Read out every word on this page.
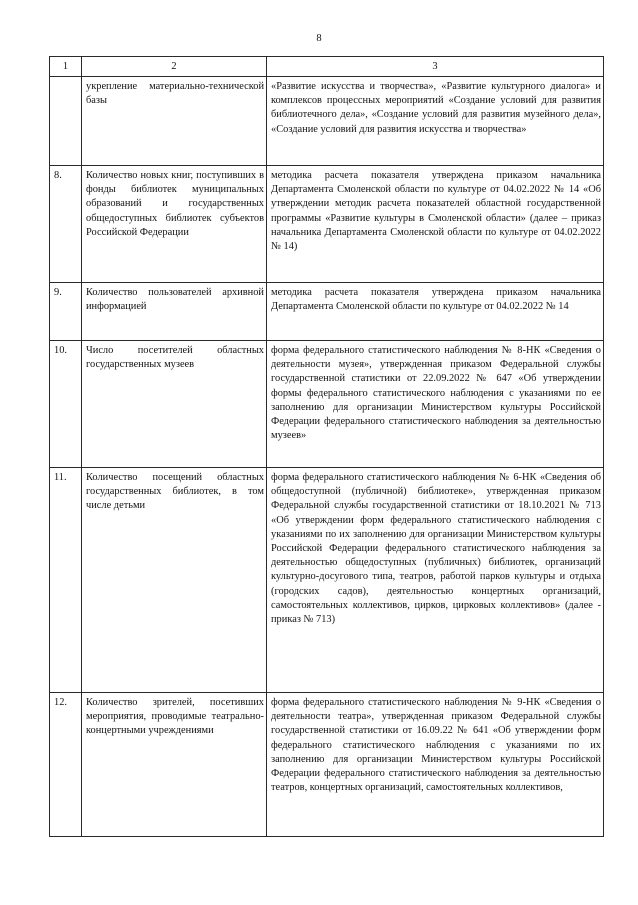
8
1	2	3
	укрепление материально-технической базы	«Развитие искусства и творчества», «Развитие культурного диалога» и комплексов процессных мероприятий «Создание условий для развития библиотечного дела», «Создание условий для развития музейного дела», «Создание условий для развития искусства и творчества»
8.	Количество новых книг, поступивших в фонды библиотек муниципальных образований и государственных общедоступных библиотек субъектов Российской Федерации	методика расчета показателя утверждена приказом начальника Департамента Смоленской области по культуре от 04.02.2022 № 14 «Об утверждении методик расчета показателей областной государственной программы «Развитие культуры в Смоленской области» (далее – приказ начальника Департамента Смоленской области по культуре от 04.02.2022 № 14)
9.	Количество пользователей архивной информацией	методика расчета показателя утверждена приказом начальника Департамента Смоленской области по культуре от 04.02.2022 № 14
10.	Число посетителей областных государственных музеев	форма федерального статистического наблюдения № 8-НК «Сведения о деятельности музея», утвержденная приказом Федеральной службы государственной статистики от 22.09.2022 № 647 «Об утверждении формы федерального статистического наблюдения с указаниями по ее заполнению для организации Министерством культуры Российской Федерации федерального статистического наблюдения за деятельностью музеев»
11.	Количество посещений областных государственных библиотек, в том числе детьми	форма федерального статистического наблюдения № 6-НК «Сведения об общедоступной (публичной) библиотеке», утвержденная приказом Федеральной службы государственной статистики от 18.10.2021 № 713 «Об утверждении форм федерального статистического наблюдения с указаниями по их заполнению для организации Министерством культуры Российской Федерации федерального статистического наблюдения за деятельностью общедоступных (публичных) библиотек, организаций культурно-досугового типа, театров, работой парков культуры и отдыха (городских садов), деятельностью концертных организаций, самостоятельных коллективов, цирков, цирковых коллективов» (далее - приказ № 713)
12.	Количество зрителей, посетивших мероприятия, проводимые театрально-концертными учреждениями	форма федерального статистического наблюдения № 9-НК «Сведения о деятельности театра», утвержденная приказом Федеральной службы государственной статистики от 16.09.22 № 641 «Об утверждении форм федерального статистического наблюдения с указаниями по их заполнению для организации Министерством культуры Российской Федерации федерального статистического наблюдения за деятельностью театров, концертных организаций, самостоятельных коллективов,
